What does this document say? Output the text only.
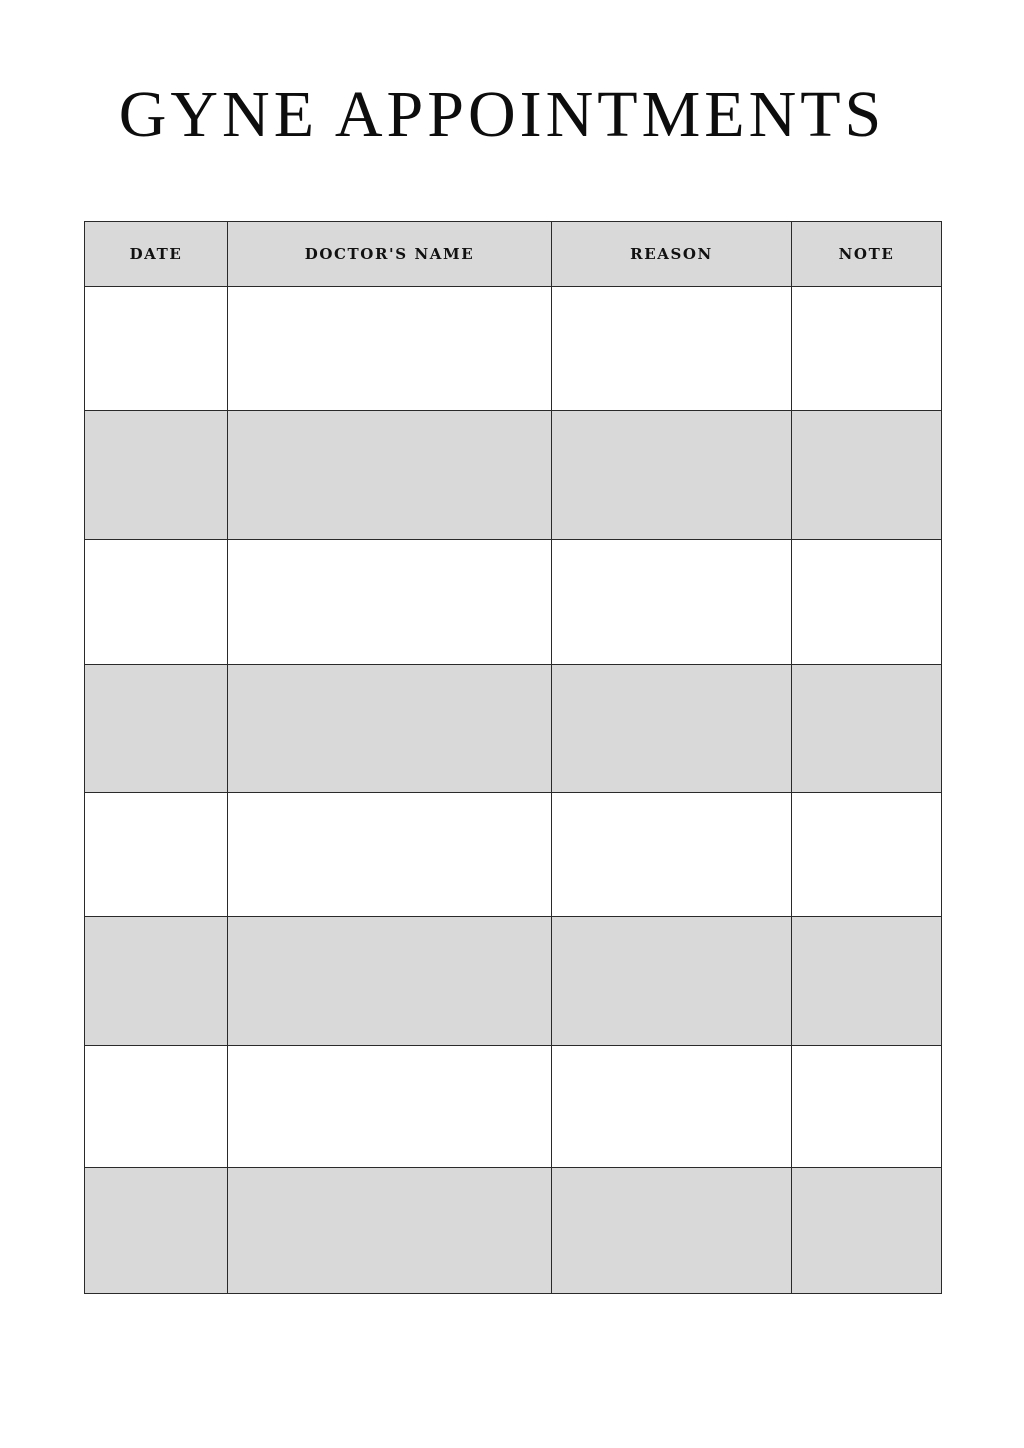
GYNE APPOINTMENTS
DATE	DOCTOR'S NAME	REASON	NOTE
